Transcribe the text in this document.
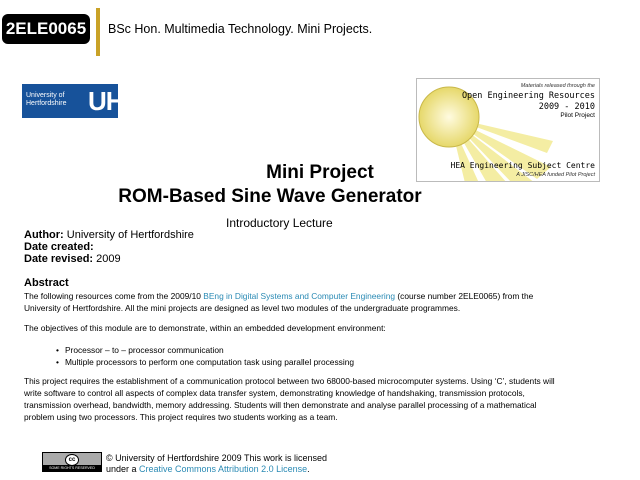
2ELE0065	BSc Hon. Multimedia Technology. Mini Projects.
University of
Hertfordshire UH	Materials released through the
Open Engineering Resources
2009 - 2010
Pilot Project
HEA Engineering Subject Centre
A JISC/HEA funded Pilot Project
Mini Project
ROM-Based Sine Wave Generator
Introductory Lecture
Author: University of Hertfordshire
Date created:
Date revised: 2009
Abstract
The following resources come from the 2009/10 BEng in Digital Systems and Computer Engineering (course number 2ELE0065) from the
University of Hertfordshire. All the mini projects are designed as level two modules of the undergraduate programmes.
The objectives of this module are to demonstrate, within an embedded development environment:
• Processor – to – processor communication
• Multiple processors to perform one computation task using parallel processing
This project requires the establishment of a communication protocol between two 68000-based microcomputer systems. Using ‘C’, students will
write software to control all aspects of complex data transfer system, demonstrating knowledge of handshaking, transmission protocols,
transmission overhead, bandwidth, memory addressing. Students will then demonstrate and analyse parallel processing of a mathematical
problem using two processors. This project requires two students working as a team.
cc
SOME RIGHTS RESERVED
© University of Hertfordshire 2009 This work is licensed
under a Creative Commons Attribution 2.0 License.
